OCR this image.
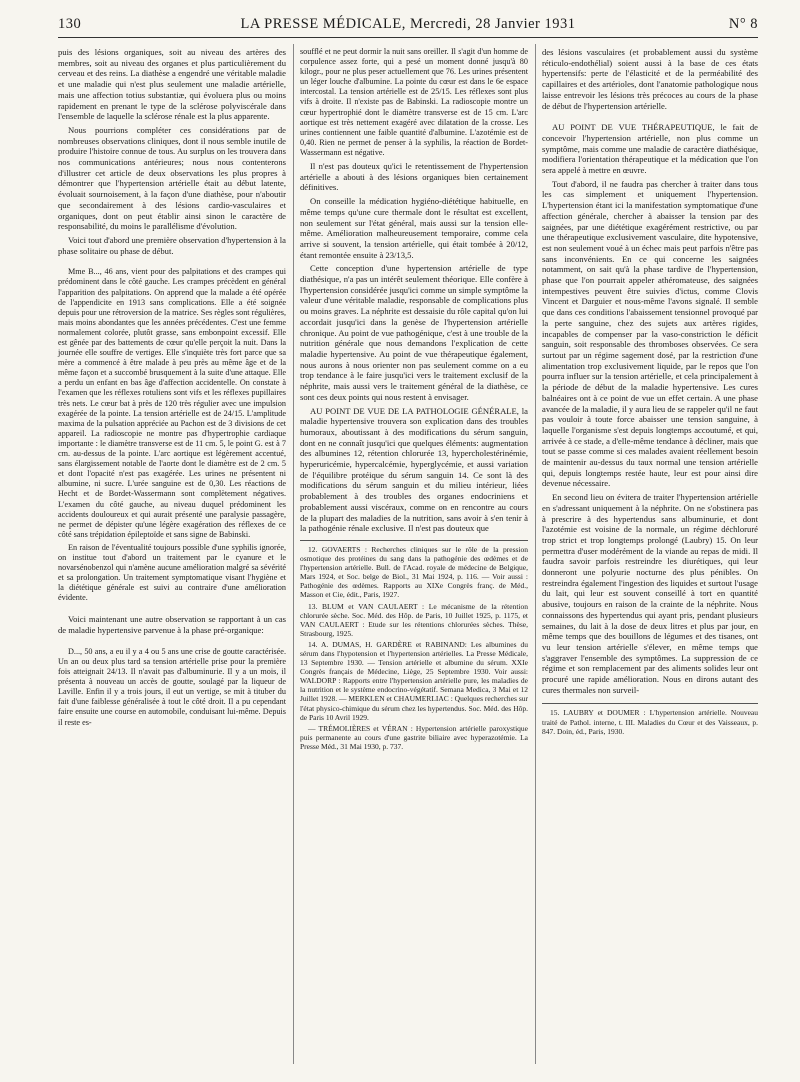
130	LA PRESSE MÉDICALE, Mercredi, 28 Janvier 1931	N° 8

puis des lésions organiques, soit au niveau des artères des membres, soit au niveau des organes et plus particulièrement du cerveau et des reins. La diathèse a engendré une véritable maladie et une maladie qui n'est plus seulement une maladie artérielle, mais une affection totius substantiæ, qui évoluera plus ou moins rapidement en prenant le type de la sclérose polyviscérale dans l'ensemble de laquelle la sclérose rénale est la plus apparente.

Nous pourrions compléter ces considérations par de nombreuses observations cliniques, dont il nous semble inutile de produire l'histoire connue de tous. Au surplus on les trouvera dans nos communications antérieures; nous nous contenterons d'illustrer cet article de deux observations les plus propres à démontrer que l'hypertension artérielle était au début latente, évoluait sournoisement, à la façon d'une diathèse, pour n'aboutir que secondairement à des lésions cardio-vasculaires et organiques, dont on peut établir ainsi sinon le caractère de responsabilité, du moins le parallélisme d'évolution.

Voici tout d'abord une première observation d'hypertension à la phase solitaire ou phase de début.

Mme B..., 46 ans, vient pour des palpitations et des crampes qui prédominent dans le côté gauche. Les crampes précèdent en général l'apparition des palpitations. On apprend que la malade a été opérée de l'appendicite en 1913 sans complications. Elle a été soignée depuis pour une rétroversion de la matrice. Ses règles sont régulières, mais moins abondantes que les années précédentes. C'est une femme normalement colorée, plutôt grasse, sans embonpoint excessif. Elle est gênée par des battements de cœur qu'elle perçoit la nuit. Dans la journée elle souffre de vertiges. Elle s'inquiète très fort parce que sa mère a commencé à être malade à peu près au même âge et de la même façon et a succombé brusquement à la suite d'une attaque. Elle a perdu un enfant en bas âge d'affection accidentelle. On constate à l'examen que les réflexes rotuliens sont vifs et les réflexes pupillaires très nets. Le cœur bat à près de 120 très régulier avec une impulsion exagérée de la pointe. La tension artérielle est de 24/15. L'amplitude maxima de la pulsation appréciée au Pachon est de 3 divisions de cet appareil. La radioscopie ne montre pas d'hypertrophie cardiaque importante : le diamètre transverse est de 11 cm. 5, le point G. est à 7 cm. au-dessus de la pointe. L'arc aortique est légèrement accentué, sans élargissement notable de l'aorte dont le diamètre est de 2 cm. 5 et dont l'opacité n'est pas exagérée. Les urines ne présentent ni albumine, ni sucre. L'urée sanguine est de 0,30. Les réactions de Hecht et de Bordet-Wassermann sont complètement négatives. L'examen du côté gauche, au niveau duquel prédominent les accidents douloureux et qui aurait présenté une paralysie passagère, ne permet de dépister qu'une légère exagération des réflexes de ce côté sans trépidation épileptoïde et sans signe de Babinski.

En raison de l'éventualité toujours possible d'une syphilis ignorée, on institue tout d'abord un traitement par le cyanure et le novarsénobenzol qui n'amène aucune amélioration malgré sa sévérité et sa prolongation. Un traitement symptomatique visant l'hygiène et la diététique générale est suivi au contraire d'une amélioration évidente.

Voici maintenant une autre observation se rapportant à un cas de maladie hypertensive parvenue à la phase pré-organique:

D..., 50 ans, a eu il y a 4 ou 5 ans une crise de goutte caractérisée. Un an ou deux plus tard sa tension artérielle prise pour la première fois atteignait 24/13. Il n'avait pas d'albuminurie. Il y a un mois, il présenta à nouveau un accès de goutte, soulagé par la liqueur de Laville. Enfin il y a trois jours, il eut un vertige, se mit à tituber du fait d'une faiblesse généralisée à tout le côté droit. Il a pu cependant faire ensuite une course en automobile, conduisant lui-même. Depuis il reste es-

soufflé et ne peut dormir la nuit sans oreiller. Il s'agit d'un homme de corpulence assez forte, qui a pesé un moment donné jusqu'à 80 kilogr., pour ne plus peser actuellement que 76. Les urines présentent un léger louche d'albumine. La pointe du cœur est dans le 6e espace intercostal. La tension artérielle est de 25/15. Les réflexes sont plus vifs à droite. Il n'existe pas de Babinski. La radioscopie montre un cœur hypertrophié dont le diamètre transverse est de 15 cm. L'arc aortique est très nettement exagéré avec dilatation de la crosse. Les urines contiennent une faible quantité d'albumine. L'azotémie est de 0,40. Rien ne permet de penser à la syphilis, la réaction de Bordet-Wassermann est négative.

Il n'est pas douteux qu'ici le retentissement de l'hypertension artérielle a abouti à des lésions organiques bien certainement définitives.

On conseille la médication hygiéno-diététique habituelle, en même temps qu'une cure thermale dont le résultat est excellent, non seulement sur l'état général, mais aussi sur la tension elle-même. Amélioration malheureusement temporaire, comme cela arrive si souvent, la tension artérielle, qui était tombée à 20/12, étant remontée ensuite à 23/13,5.

Cette conception d'une hypertension artérielle de type diathésique, n'a pas un intérêt seulement théorique. Elle confère à l'hypertension considérée jusqu'ici comme un simple symptôme la valeur d'une véritable maladie, responsable de complications plus ou moins graves. La néphrite est dessaisie du rôle capital qu'on lui accordait jusqu'ici dans la genèse de l'hypertension artérielle chronique. Au point de vue pathogénique, c'est à une trouble de la nutrition générale que nous demandons l'explication de cette maladie hypertensive. Au point de vue thérapeutique également, nous aurons à nous orienter non pas seulement comme on a eu trop tendance à le faire jusqu'ici vers le traitement exclusif de la néphrite, mais aussi vers le traitement général de la diathèse, ce sont ces deux points qui nous restent à envisager.

AU POINT DE VUE DE LA PATHOLOGIE GÉNÉRALE, la maladie hypertensive trouvera son explication dans des troubles humoraux, aboutissant à des modifications du sérum sanguin, dont en ne connaît jusqu'ici que quelques éléments: augmentation des albumines 12, rétention chlorurée 13, hypercholestérinémie, hyperuricémie, hypercalcémie, hyperglycémie, et aussi variation de l'équilibre protéique du sérum sanguin 14. Ce sont là des modifications du sérum sanguin et du milieu intérieur, liées probablement à des troubles des organes endocriniens et probablement aussi viscéraux, comme on en rencontre au cours de la plupart des maladies de la nutrition, sans avoir à s'en tenir à la pathogénie rénale exclusive. Il n'est pas douteux que

12. GOVAERTS : Recherches cliniques sur le rôle de la pression osmotique des protéines du sang dans la pathogénie des œdèmes et de l'hypertension artérielle. Bull. de l'Acad. royale de médecine de Belgique, Mars 1924, et Soc. belge de Biol., 31 Mai 1924, p. 116. — Voir aussi : Pathogénie des œdèmes. Rapports au XIXe Congrès franç. de Méd., Masson et Cie, édit., Paris, 1927.

13. BLUM et VAN CAULAERT : Le mécanisme de la rétention chlorurée sèche. Soc. Méd. des Hôp. de Paris, 10 Juillet 1925, p. 1175, et VAN CAULAERT : Etude sur les rétentions chlorurées sèches. Thèse, Strasbourg, 1925.

14. A. DUMAS, H. GARDÈRE et RABINAND: Les albumines du sérum dans l'hypotension et l'hypertension artérielles. La Presse Médicale, 13 Septembre 1930. — Tension artérielle et albumine du sérum. XXIe Congrès français de Médecine, Liège, 25 Septembre 1930. Voir aussi: WALDORP : Rapports entre l'hypertension artérielle pure, les maladies de la nutrition et le système endocrino-végétatif. Semana Medica, 3 Mai et 12 Juillet 1928. — MERKLEN et CHAUMERLIAC : Quelques recherches sur l'état physico-chimique du sérum chez les hypertendus. Soc. Méd. des Hôp. de Paris 10 Avril 1929.

— TRÉMOLIÈRES et VÉRAN : Hypertension artérielle paroxystique puis permanente au cours d'une gastrite biliaire avec hyperazotémie. La Presse Méd., 31 Mai 1930, p. 737.

des lésions vasculaires (et probablement aussi du système réticulo-endothélial) soient aussi à la base de ces états hypertensifs: perte de l'élasticité et de la perméabilité des capillaires et des artérioles, dont l'anatomie pathologique nous laisse entrevoir les lésions très précoces au cours de la phase de début de l'hypertension artérielle.

AU POINT DE VUE THÉRAPEUTIQUE, le fait de concevoir l'hypertension artérielle, non plus comme un symptôme, mais comme une maladie de caractère diathésique, modifiera l'orientation thérapeutique et la médication que l'on sera appelé à mettre en œuvre.

Tout d'abord, il ne faudra pas chercher à traiter dans tous les cas simplement et uniquement l'hypertension. L'hypertension étant ici la manifestation symptomatique d'une affection générale, chercher à abaisser la tension par des saignées, par une diététique exagérément restrictive, ou par une thérapeutique exclusivement vasculaire, dite hypotensive, est non seulement voué à un échec mais peut parfois n'être pas sans inconvénients. En ce qui concerne les saignées notamment, on sait qu'à la phase tardive de l'hypertension, phase que l'on pourrait appeler athéromateuse, des saignées intempestives peuvent être suivies d'ictus, comme Clovis Vincent et Darguier et nous-même l'avons signalé. Il semble que dans ces conditions l'abaissement tensionnel provoqué par la perte sanguine, chez des sujets aux artères rigides, incapables de compenser par la vaso-constriction le déficit sanguin, soit responsable des thromboses observées. Ce sera surtout par un régime sagement dosé, par la restriction d'une alimentation trop exclusivement liquide, par le repos que l'on pourra influer sur la tension artérielle, et cela principalement à la période de début de la maladie hypertensive. Les cures balnéaires ont à ce point de vue un effet certain. A une phase avancée de la maladie, il y aura lieu de se rappeler qu'il ne faut pas vouloir à toute force abaisser une tension sanguine, à laquelle l'organisme s'est depuis longtemps accoutumé, et qui, arrivée à ce stade, a d'elle-même tendance à décliner, mais que tout se passe comme si ces malades avaient réellement besoin de maintenir au-dessus du taux normal une tension artérielle qui, depuis longtemps restée haute, leur est pour ainsi dire devenue nécessaire.

En second lieu on évitera de traiter l'hypertension artérielle en s'adressant uniquement à la néphrite. On ne s'obstinera pas à prescrire à des hypertendus sans albuminurie, et dont l'azotémie est voisine de la normale, un régime déchloruré trop strict et trop longtemps prolongé (Laubry) 15. On leur permettra d'user modérément de la viande au repas de midi. Il faudra savoir parfois restreindre les diurétiques, qui leur donneront une polyurie nocturne des plus pénibles. On restreindra également l'ingestion des liquides et surtout l'usage du lait, qui leur est souvent conseillé à tort en quantité abusive, toujours en raison de la crainte de la néphrite. Nous connaissons des hypertendus qui ayant pris, pendant plusieurs semaines, du lait à la dose de deux litres et plus par jour, en même temps que des bouillons de légumes et des tisanes, ont vu leur tension artérielle s'élever, en même temps que s'aggraver l'ensemble des symptômes. La suppression de ce régime et son remplacement par des aliments solides leur ont procuré une rapide amélioration. Nous en dirons autant des cures thermales non surveil-

15. LAUBRY et DOUMER : L'hypertension artérielle. Nouveau traité de Pathol. interne, t. III. Maladies du Cœur et des Vaisseaux, p. 847. Doin, éd., Paris, 1930.
